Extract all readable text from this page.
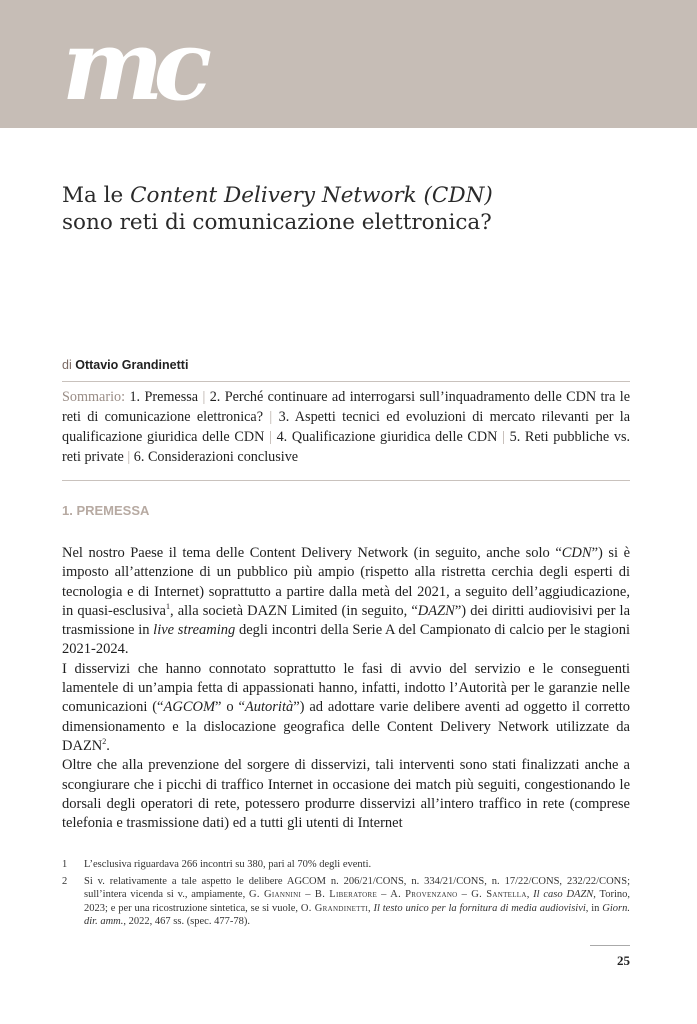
mc
Ma le Content Delivery Network (CDN)
sono reti di comunicazione elettronica?
di Ottavio Grandinetti
Sommario: 1. Premessa | 2. Perché continuare ad interrogarsi sull’inquadramento delle CDN tra le reti di comunicazione elettronica? | 3. Aspetti tecnici ed evoluzioni di mercato rilevanti per la qualificazione giuridica delle CDN | 4. Qualificazione giuridica delle CDN | 5. Reti pubbliche vs. reti private | 6. Considerazioni conclusive
1. PREMESSA

Nel nostro Paese il tema delle Content Delivery Network (in seguito, anche solo “CDN”) si è imposto all’attenzione di un pubblico più ampio (rispetto alla ristretta cerchia degli esperti di tecnologia e di Internet) soprattutto a partire dalla metà del 2021, a seguito dell’aggiudicazione, in quasi-esclusiva$^1$, alla società DAZN Limited (in seguito, “DAZN”) dei diritti audiovisivi per la trasmissione in live streaming degli incontri della Serie A del Campionato di calcio per le stagioni 2021-2024.

I disservizi che hanno connotato soprattutto le fasi di avvio del servizio e le conseguenti lamentele di un’ampia fetta di appassionati hanno, infatti, indotto l’Autorità per le garanzie nelle comunicazioni (“AGCOM” o “Autorità”) ad adottare varie delibere aventi ad oggetto il corretto dimensionamento e la dislocazione geografica delle Content Delivery Network utilizzate da DAZN$^2$.

Oltre che alla prevenzione del sorgere di disservizi, tali interventi sono stati finalizzati anche a scongiurare che i picchi di traffico Internet in occasione dei match più seguiti, congestionando le dorsali degli operatori di rete, potessero produrre disservizi all’intero traffico in rete (comprese telefonia e trasmissione dati) ed a tutti gli utenti di Internet

1	L’esclusiva riguardava 266 incontri su 380, pari al 70% degli eventi.
2	Si v. relativamente a tale aspetto le delibere AGCOM n. 206/21/CONS, n. 334/21/CONS, n. 17/22/CONS, 232/22/CONS; sull’intera vicenda si v., ampiamente, G. Giannini – B. Liberatore – A. Provenzano – G. Santella, Il caso DAZN, Torino, 2023; e per una ricostruzione sintetica, se si vuole, O. Grandinetti, Il testo unico per la fornitura di media audiovisivi, in Giorn. dir. amm., 2022, 467 ss. (spec. 477-78).
25
